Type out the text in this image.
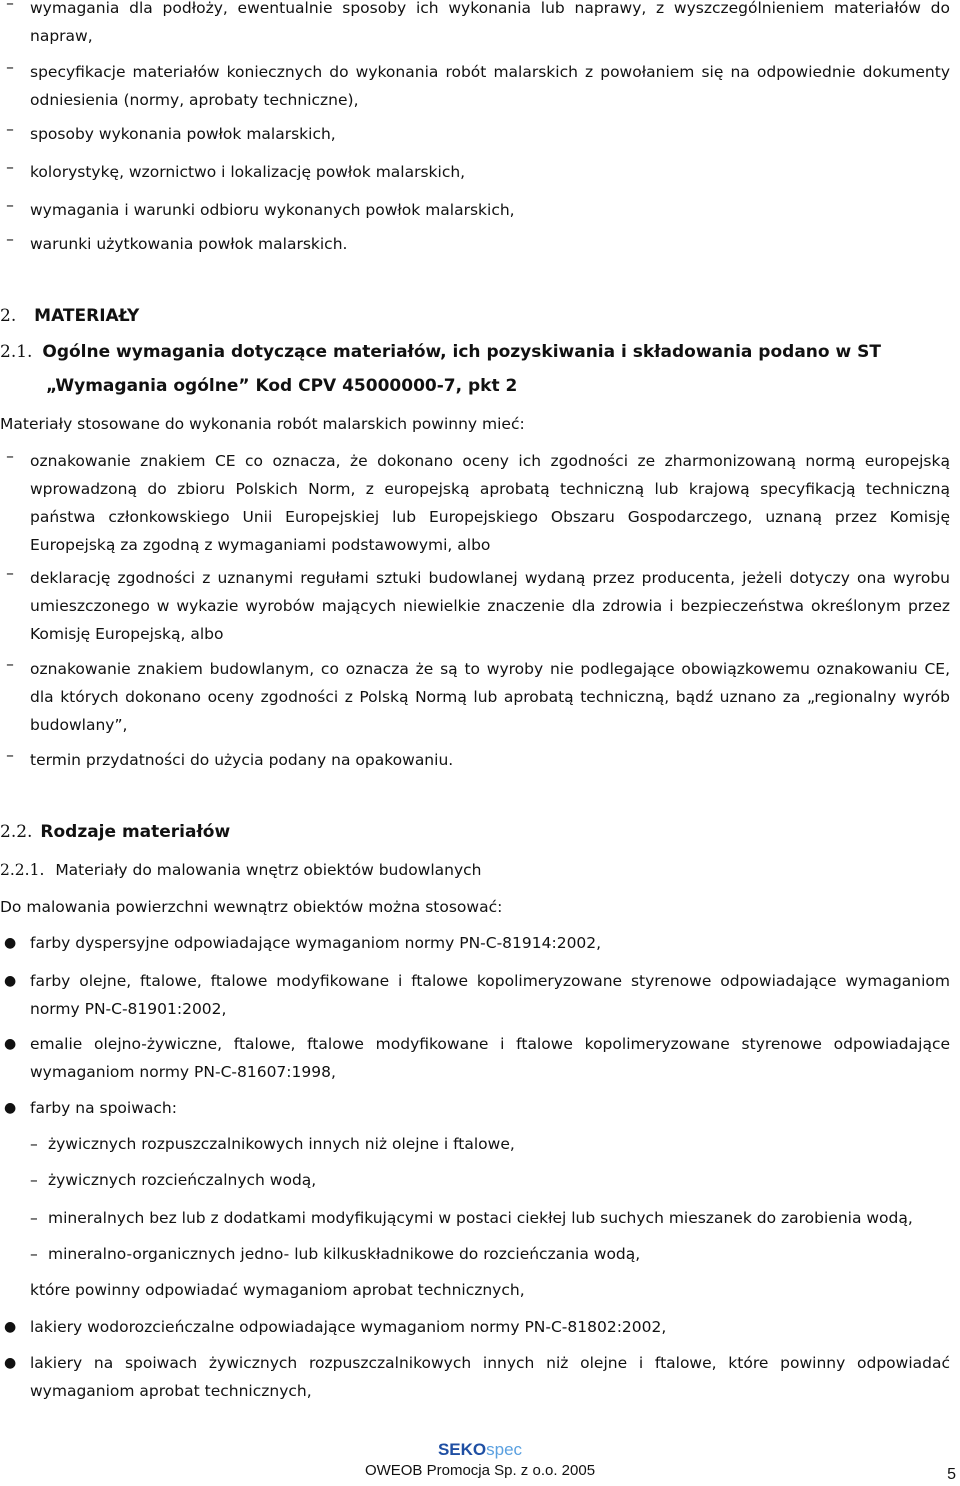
– wymagania dla podłoży, ewentualnie sposoby ich wykonania lub naprawy, z wyszczególnieniem materiałów do napraw,
– specyfikacje materiałów koniecznych do wykonania robót malarskich z powołaniem się na odpowiednie dokumenty odniesienia (normy, aprobaty techniczne),
– sposoby wykonania powłok malarskich,
– kolorystykę, wzornictwo i lokalizację powłok malarskich,
– wymagania i warunki odbioru wykonanych powłok malarskich,
– warunki użytkowania powłok malarskich.
2. MATERIAŁY
2.1. Ogólne wymagania dotyczące materiałów, ich pozyskiwania i składowania podano w ST
„Wymagania ogólne” Kod CPV 45000000-7, pkt 2
Materiały stosowane do wykonania robót malarskich powinny mieć:
– oznakowanie znakiem CE co oznacza, że dokonano oceny ich zgodności ze zharmonizowaną normą europejską wprowadzoną do zbioru Polskich Norm, z europejską aprobatą techniczną lub krajową specyfikacją techniczną państwa członkowskiego Unii Europejskiej lub Europejskiego Obszaru Gospodarczego, uznaną przez Komisję Europejską za zgodną z wymaganiami podstawowymi, albo
– deklarację zgodności z uznanymi regułami sztuki budowlanej wydaną przez producenta, jeżeli dotyczy ona wyrobu umieszczonego w wykazie wyrobów mających niewielkie znaczenie dla zdrowia i bezpieczeństwa określonym przez Komisję Europejską, albo
– oznakowanie znakiem budowlanym, co oznacza że są to wyroby nie podlegające obowiązkowemu oznakowaniu CE, dla których dokonano oceny zgodności z Polską Normą lub aprobatą techniczną, bądź uznano za „regionalny wyrób budowlany”,
– termin przydatności do użycia podany na opakowaniu.
2.2. Rodzaje materiałów
2.2.1. Materiały do malowania wnętrz obiektów budowlanych
Do malowania powierzchni wewnątrz obiektów można stosować:
● farby dyspersyjne odpowiadające wymaganiom normy PN-C-81914:2002,
● farby olejne, ftalowe, ftalowe modyfikowane i ftalowe kopolimeryzowane styrenowe odpowiadające wymaganiom normy PN-C-81901:2002,
● emalie olejno-żywiczne, ftalowe, ftalowe modyfikowane i ftalowe kopolimeryzowane styrenowe odpowiadające wymaganiom normy PN-C-81607:1998,
● farby na spoiwach:
– żywicznych rozpuszczalnikowych innych niż olejne i ftalowe,
– żywicznych rozcieńczalnych wodą,
– mineralnych bez lub z dodatkami modyfikującymi w postaci ciekłej lub suchych mieszanek do zarobienia wodą,
– mineralno-organicznych jedno- lub kilkuskładnikowe do rozcieńczania wodą,
które powinny odpowiadać wymaganiom aprobat technicznych,
● lakiery wodorozcieńczalne odpowiadające wymaganiom normy PN-C-81802:2002,
● lakiery na spoiwach żywicznych rozpuszczalnikowych innych niż olejne i ftalowe, które powinny odpowiadać wymaganiom aprobat technicznych,
SEKOspec
OWEOB Promocja Sp. z o.o. 2005	5
